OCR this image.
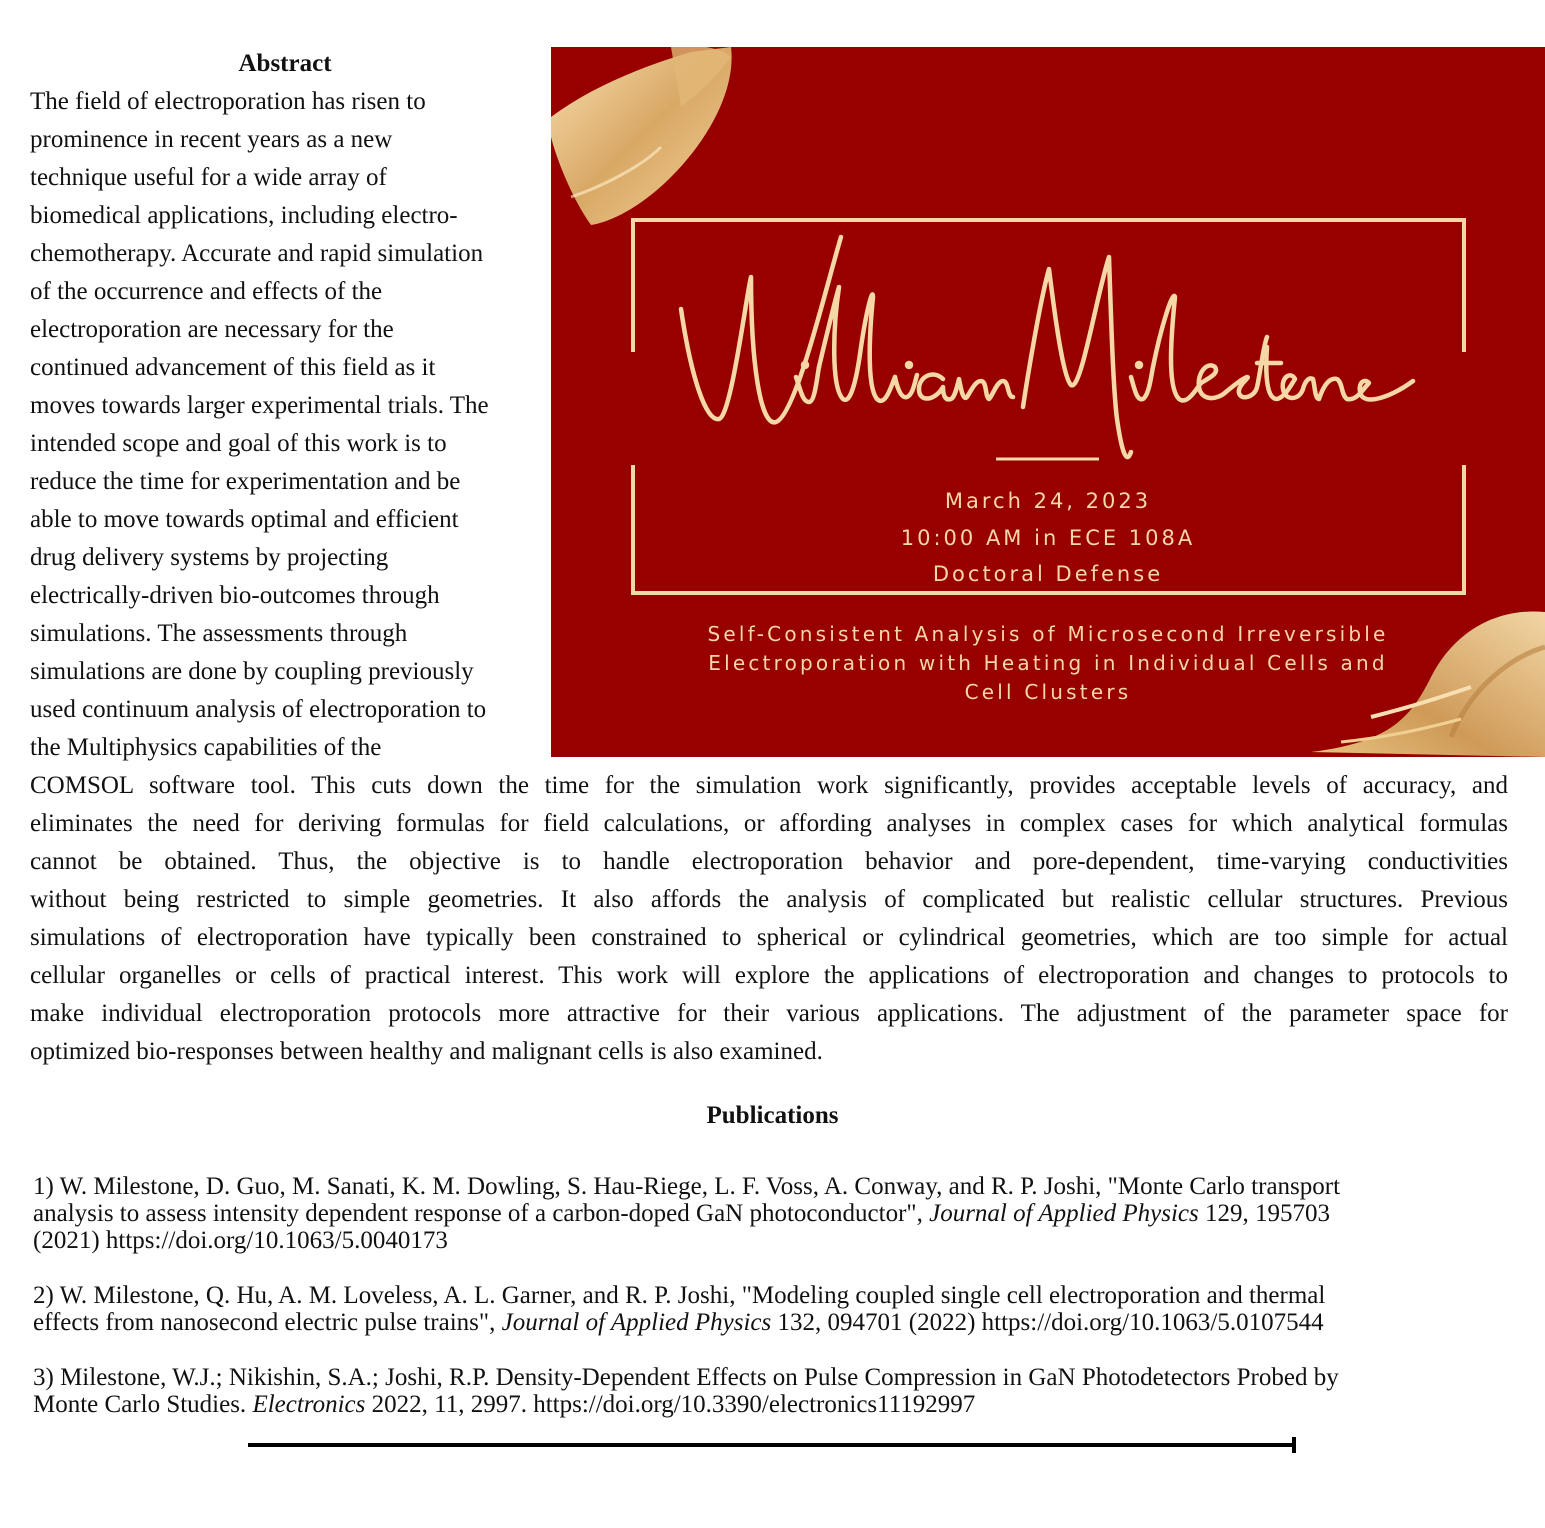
Abstract
The field of electroporation has risen to
prominence in recent years as a new
technique useful for a wide array of
biomedical applications, including electro-
chemotherapy. Accurate and rapid simulation
of the occurrence and effects of the
electroporation are necessary for the
continued advancement of this field as it
moves towards larger experimental trials. The
intended scope and goal of this work is to
reduce the time for experimentation and be
able to move towards optimal and efficient
drug delivery systems by projecting
electrically-driven bio-outcomes through
simulations. The assessments through
simulations are done by coupling previously
used continuum analysis of electroporation to
the Multiphysics capabilities of the
COMSOL software tool. This cuts down the time for the simulation work significantly, provides acceptable levels of accuracy, and
eliminates the need for deriving formulas for field calculations, or affording analyses in complex cases for which analytical formulas
cannot be obtained. Thus, the objective is to handle electroporation behavior and pore-dependent, time-varying conductivities
without being restricted to simple geometries. It also affords the analysis of complicated but realistic cellular structures. Previous
simulations of electroporation have typically been constrained to spherical or cylindrical geometries, which are too simple for actual
cellular organelles or cells of practical interest. This work will explore the applications of electroporation and changes to protocols to
make individual electroporation protocols more attractive for their various applications. The adjustment of the parameter space for
optimized bio-responses between healthy and malignant cells is also examined.
March 24, 2023
10:00 AM in ECE 108A
Doctoral Defense
Self-Consistent Analysis of Microsecond Irreversible
Electroporation with Heating in Individual Cells and
Cell Clusters
Publications
1) W. Milestone, D. Guo, M. Sanati, K. M. Dowling, S. Hau-Riege, L. F. Voss, A. Conway, and R. P. Joshi, "Monte Carlo transport
analysis to assess intensity dependent response of a carbon-doped GaN photoconductor", Journal of Applied Physics 129, 195703
(2021) https://doi.org/10.1063/5.0040173
2) W. Milestone, Q. Hu, A. M. Loveless, A. L. Garner, and R. P. Joshi, "Modeling coupled single cell electroporation and thermal
effects from nanosecond electric pulse trains", Journal of Applied Physics 132, 094701 (2022) https://doi.org/10.1063/5.0107544
3) Milestone, W.J.; Nikishin, S.A.; Joshi, R.P. Density-Dependent Effects on Pulse Compression in GaN Photodetectors Probed by
Monte Carlo Studies. Electronics 2022, 11, 2997. https://doi.org/10.3390/electronics11192997
